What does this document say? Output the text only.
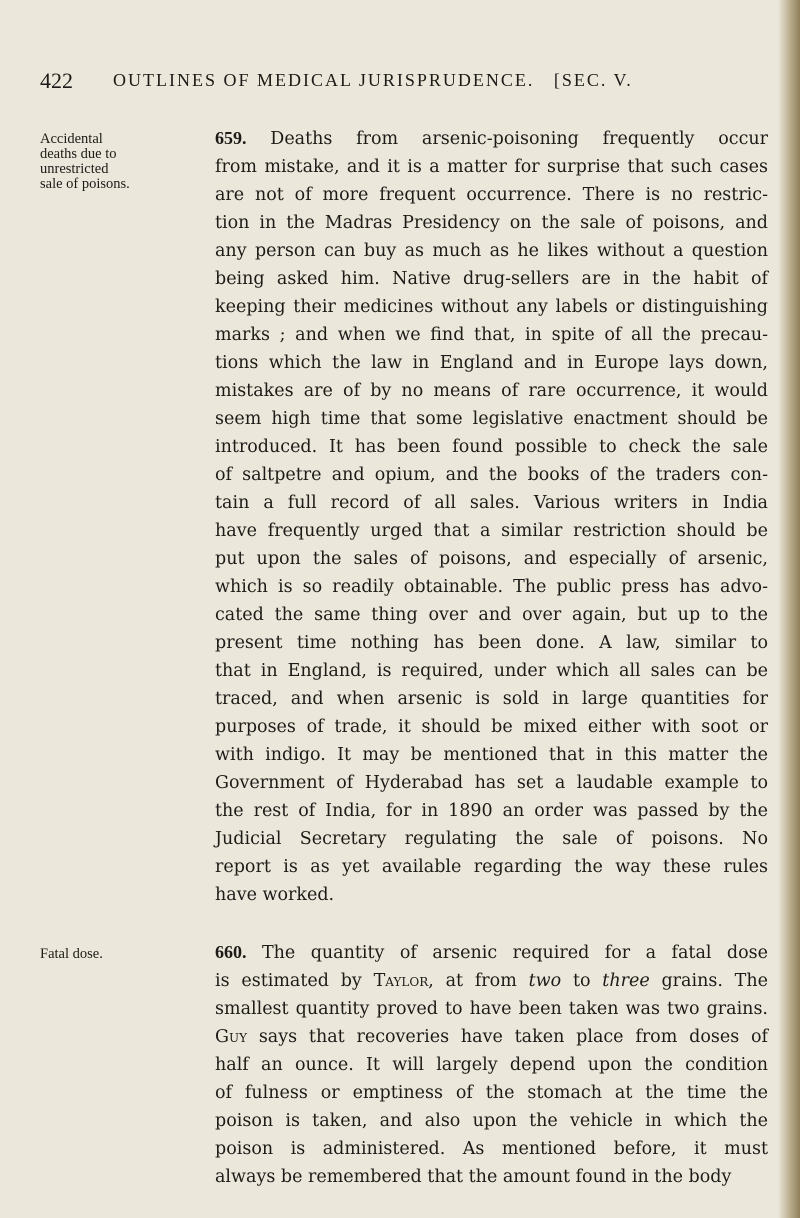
422 OUTLINES OF MEDICAL JURISPRUDENCE. [SEC. V.
Accidental
deaths due to
unrestricted
sale of poisons.
659. Deaths from arsenic-poisoning frequently occur
from mistake, and it is a matter for surprise that such cases
are not of more frequent occurrence. There is no restric-
tion in the Madras Presidency on the sale of poisons, and
any person can buy as much as he likes without a question
being asked him. Native drug-sellers are in the habit of
keeping their medicines without any labels or distinguishing
marks ; and when we find that, in spite of all the precau-
tions which the law in England and in Europe lays down,
mistakes are of by no means of rare occurrence, it would
seem high time that some legislative enactment should be
introduced. It has been found possible to check the sale
of saltpetre and opium, and the books of the traders con-
tain a full record of all sales. Various writers in India
have frequently urged that a similar restriction should be
put upon the sales of poisons, and especially of arsenic,
which is so readily obtainable. The public press has advo-
cated the same thing over and over again, but up to the
present time nothing has been done. A law, similar to
that in England, is required, under which all sales can be
traced, and when arsenic is sold in large quantities for
purposes of trade, it should be mixed either with soot or
with indigo. It may be mentioned that in this matter the
Government of Hyderabad has set a laudable example to
the rest of India, for in 1890 an order was passed by the
Judicial Secretary regulating the sale of poisons. No
report is as yet available regarding the way these rules
have worked.
Fatal dose.	660. The quantity of arsenic required for a fatal dose
is estimated by Taylor, at from two to three grains. The
smallest quantity proved to have been taken was two grains.
Guy says that recoveries have taken place from doses of
half an ounce. It will largely depend upon the condition
of fulness or emptiness of the stomach at the time the
poison is taken, and also upon the vehicle in which the
poison is administered. As mentioned before, it must
always be remembered that the amount found in the body
